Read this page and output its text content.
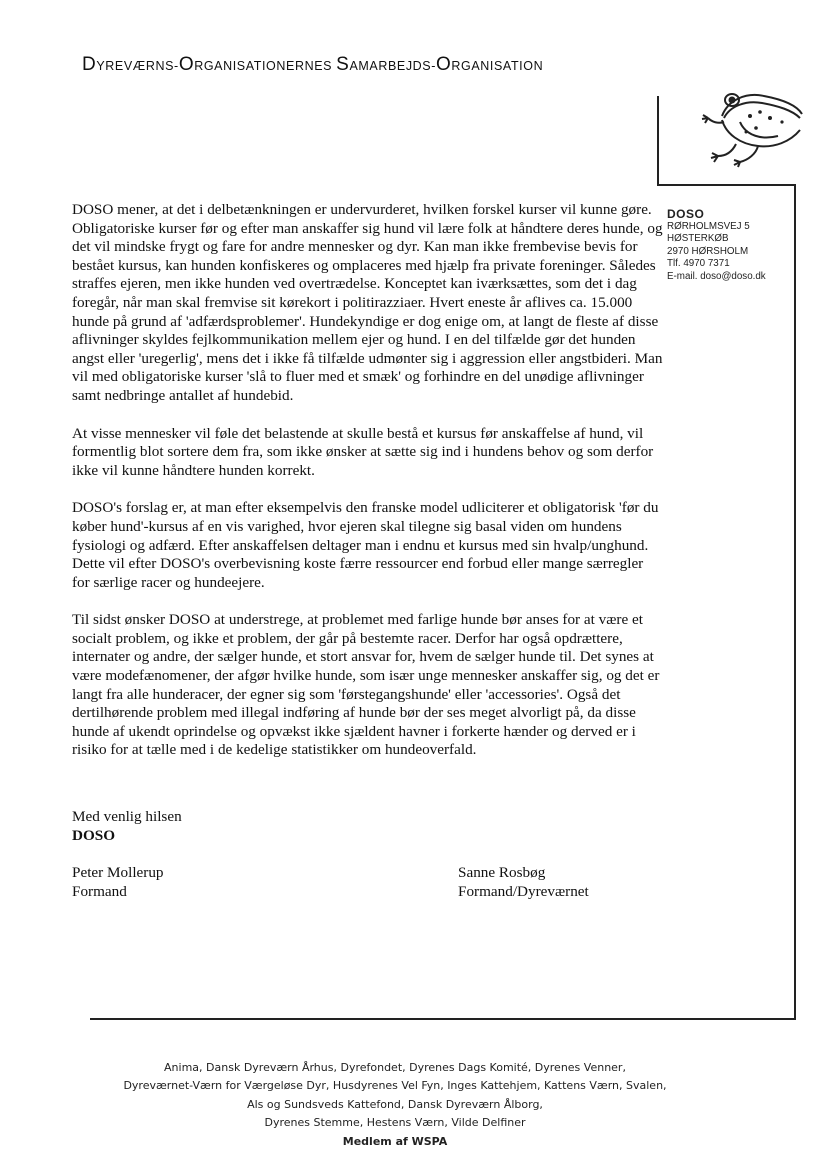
DYREVÆRNS-ORGANISATIONERNES SAMARBEJDS-ORGANISATION
DOSO
RØRHOLMSVEJ 5
HØSTERKØB
2970 HØRSHOLM
Tlf. 4970 7371
E-mail. doso@doso.dk

DOSO mener, at det i delbetænkningen er undervurderet, hvilken forskel kurser vil kunne gøre. Obligatoriske kurser før og efter man anskaffer sig hund vil lære folk at håndtere deres hunde, og det vil mindske frygt og fare for andre mennesker og dyr. Kan man ikke frembevise bevis for bestået kursus, kan hunden konfiskeres og omplaceres med hjælp fra private foreninger. Således straffes ejeren, men ikke hunden ved overtrædelse. Konceptet kan iværksættes, som det i dag foregår, når man skal fremvise sit kørekort i politirazziaer. Hvert eneste år aflives ca. 15.000 hunde på grund af 'adfærdsproblemer'. Hundekyndige er dog enige om, at langt de fleste af disse aflivninger skyldes fejlkommunikation mellem ejer og hund. I en del tilfælde gør det hunden angst eller 'uregerlig', mens det i ikke få tilfælde udmønter sig i aggression eller angstbideri. Man vil med obligatoriske kurser 'slå to fluer med et smæk' og forhindre en del unødige aflivninger samt nedbringe antallet af hundebid.

At visse mennesker vil føle det belastende at skulle bestå et kursus før anskaffelse af hund, vil formentlig blot sortere dem fra, som ikke ønsker at sætte sig ind i hundens behov og som derfor ikke vil kunne håndtere hunden korrekt.

DOSO's forslag er, at man efter eksempelvis den franske model udliciterer et obligatorisk 'før du køber hund'-kursus af en vis varighed, hvor ejeren skal tilegne sig basal viden om hundens fysiologi og adfærd. Efter anskaffelsen deltager man i endnu et kursus med sin hvalp/unghund. Dette vil efter DOSO's overbevisning koste færre ressourcer end forbud eller mange særregler for særlige racer og hundeejere.

Til sidst ønsker DOSO at understrege, at problemet med farlige hunde bør anses for at være et socialt problem, og ikke et problem, der går på bestemte racer. Derfor har også opdrættere, internater og andre, der sælger hunde, et stort ansvar for, hvem de sælger hunde til. Det synes at være modefænomener, der afgør hvilke hunde, som især unge mennesker anskaffer sig, og det er langt fra alle hunderacer, der egner sig som 'førstegangshunde' eller 'accessories'. Også det dertilhørende problem med illegal indføring af hunde bør der ses meget alvorligt på, da disse hunde af ukendt oprindelse og opvækst ikke sjældent havner i forkerte hænder og derved er i risiko for at tælle med i de kedelige statistikker om hundeoverfald.

Med venlig hilsen
DOSO
Peter Mollerup
Formand
Sanne Rosbøg
Formand/Dyreværnet
Anima, Dansk Dyreværn Århus, Dyrefondet, Dyrenes Dags Komité, Dyrenes Venner,
Dyreværnet-Værn for Værgeløse Dyr, Husdyrenes Vel Fyn, Inges Kattehjem, Kattens Værn, Svalen,
Als og Sundsveds Kattefond, Dansk Dyreværn Ålborg,
Dyrenes Stemme, Hestens Værn, Vilde Delfiner
Medlem af WSPA
